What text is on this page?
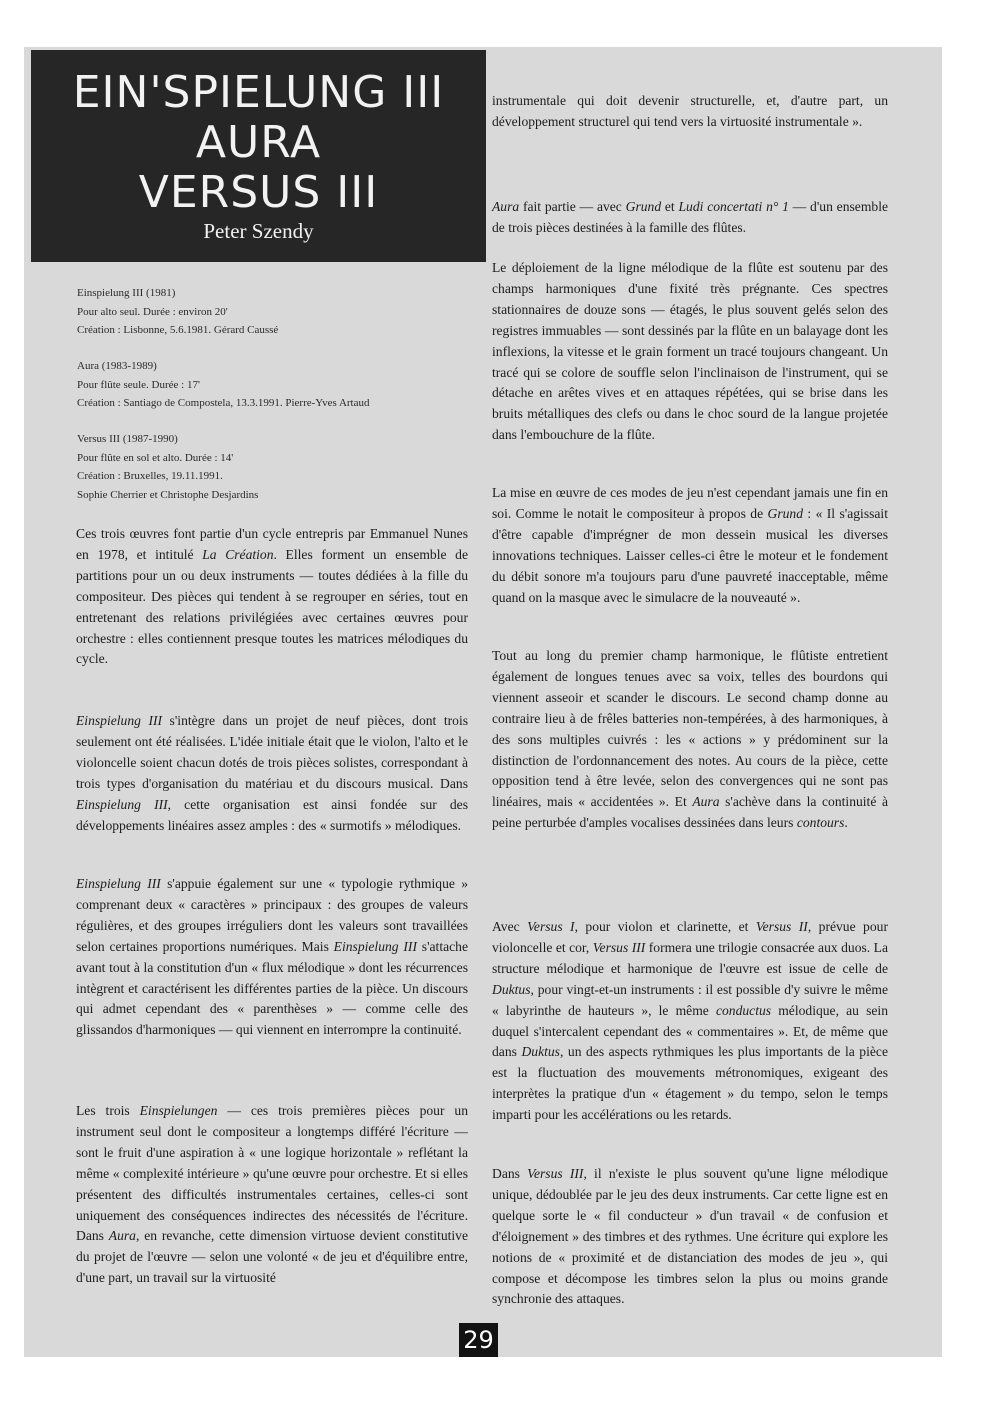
EIN'SPIELUNG III
AURA
VERSUS III
Peter Szendy
Einspielung III (1981)
Pour alto seul. Durée : environ 20'
Création : Lisbonne, 5.6.1981. Gérard Caussé
Aura (1983-1989)
Pour flûte seule. Durée : 17'
Création : Santiago de Compostela, 13.3.1991. Pierre-Yves Artaud
Versus III (1987-1990)
Pour flûte en sol et alto. Durée : 14'
Création : Bruxelles, 19.11.1991.
Sophie Cherrier et Christophe Desjardins

Ces trois œuvres font partie d'un cycle entrepris par Emmanuel Nunes en 1978, et intitulé La Création. Elles forment un ensemble de partitions pour un ou deux instruments — toutes dédiées à la fille du compositeur. Des pièces qui tendent à se regrouper en séries, tout en entretenant des relations privilégiées avec certaines œuvres pour orchestre : elles contiennent presque toutes les matrices mélodiques du cycle.

Einspielung III s'intègre dans un projet de neuf pièces, dont trois seulement ont été réalisées. L'idée initiale était que le violon, l'alto et le violoncelle soient chacun dotés de trois pièces solistes, correspondant à trois types d'organisation du matériau et du discours musical. Dans Einspielung III, cette organisation est ainsi fondée sur des développements linéaires assez amples : des « surmotifs » mélodiques.

Einspielung III s'appuie également sur une « typologie rythmique » comprenant deux « caractères » principaux : des groupes de valeurs régulières, et des groupes irréguliers dont les valeurs sont travaillées selon certaines proportions numériques. Mais Einspielung III s'attache avant tout à la constitution d'un « flux mélodique » dont les récurrences intègrent et caractérisent les différentes parties de la pièce. Un discours qui admet cependant des « parenthèses » — comme celle des glissandos d'harmoniques — qui viennent en interrompre la continuité.

Les trois Einspielungen — ces trois premières pièces pour un instrument seul dont le compositeur a longtemps différé l'écriture — sont le fruit d'une aspiration à « une logique horizontale » reflétant la même « complexité intérieure » qu'une œuvre pour orchestre. Et si elles présentent des difficultés instrumentales certaines, celles-ci sont uniquement des conséquences indirectes des nécessités de l'écriture. Dans Aura, en revanche, cette dimension virtuose devient constitutive du projet de l'œuvre — selon une volonté « de jeu et d'équilibre entre, d'une part, un travail sur la virtuosité

instrumentale qui doit devenir structurelle, et, d'autre part, un développement structurel qui tend vers la virtuosité instrumentale ».

Aura fait partie — avec Grund et Ludi concertati n° 1 — d'un ensemble de trois pièces destinées à la famille des flûtes.

Le déploiement de la ligne mélodique de la flûte est soutenu par des champs harmoniques d'une fixité très prégnante. Ces spectres stationnaires de douze sons — étagés, le plus souvent gelés selon des registres immuables — sont dessinés par la flûte en un balayage dont les inflexions, la vitesse et le grain forment un tracé toujours changeant. Un tracé qui se colore de souffle selon l'inclinaison de l'instrument, qui se détache en arêtes vives et en attaques répétées, qui se brise dans les bruits métalliques des clefs ou dans le choc sourd de la langue projetée dans l'embouchure de la flûte.

La mise en œuvre de ces modes de jeu n'est cependant jamais une fin en soi. Comme le notait le compositeur à propos de Grund : « Il s'agissait d'être capable d'imprégner de mon dessein musical les diverses innovations techniques. Laisser celles-ci être le moteur et le fondement du débit sonore m'a toujours paru d'une pauvreté inacceptable, même quand on la masque avec le simulacre de la nouveauté ».

Tout au long du premier champ harmonique, le flûtiste entretient également de longues tenues avec sa voix, telles des bourdons qui viennent asseoir et scander le discours. Le second champ donne au contraire lieu à de frêles batteries non-tempérées, à des harmoniques, à des sons multiples cuivrés : les « actions » y prédominent sur la distinction de l'ordonnancement des notes. Au cours de la pièce, cette opposition tend à être levée, selon des convergences qui ne sont pas linéaires, mais « accidentées ». Et Aura s'achève dans la continuité à peine perturbée d'amples vocalises dessinées dans leurs contours.

Avec Versus I, pour violon et clarinette, et Versus II, prévue pour violoncelle et cor, Versus III formera une trilogie consacrée aux duos. La structure mélodique et harmonique de l'œuvre est issue de celle de Duktus, pour vingt-et-un instruments : il est possible d'y suivre le même « labyrinthe de hauteurs », le même conductus mélodique, au sein duquel s'intercalent cependant des « commentaires ». Et, de même que dans Duktus, un des aspects rythmiques les plus importants de la pièce est la fluctuation des mouvements métronomiques, exigeant des interprètes la pratique d'un « étagement » du tempo, selon le temps imparti pour les accélérations ou les retards.

Dans Versus III, il n'existe le plus souvent qu'une ligne mélodique unique, dédoublée par le jeu des deux instruments. Car cette ligne est en quelque sorte le « fil conducteur » d'un travail « de confusion et d'éloignement » des timbres et des rythmes. Une écriture qui explore les notions de « proximité et de distanciation des modes de jeu », qui compose et décompose les timbres selon la plus ou moins grande synchronie des attaques.

29
